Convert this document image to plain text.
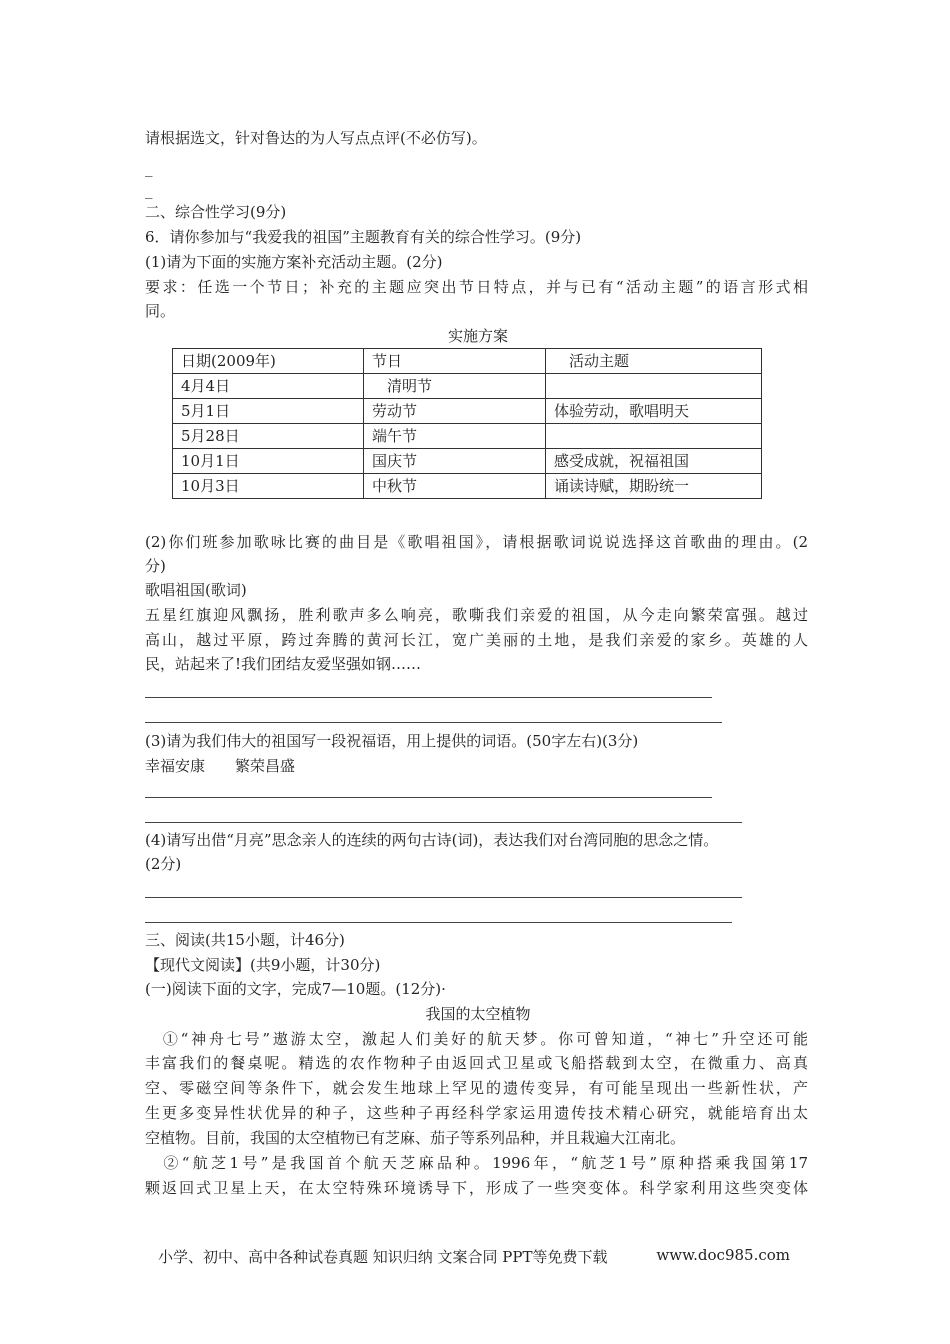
请根据选文，针对鲁达的为人写点点评(不必仿写)。
_
_
二、综合性学习(9分)
6．请你参加与“我爱我的祖国”主题教育有关的综合性学习。(9分)
(1)请为下面的实施方案补充活动主题。(2分)
要求：任选一个节日；补充的主题应突出节日特点，并与已有“活动主题”的语言形式相
同。
实施方案
日期(2009年)	节日	　活动主题
4月4日	　清明节	
5月1日	劳动节	体验劳动，歌唱明天
5月28日	端午节	
10月1日	国庆节	感受成就，祝福祖国
10月3日	中秋节	诵读诗赋，期盼统一
(2)你们班参加歌咏比赛的曲目是《歌唱祖国》，请根据歌词说说选择这首歌曲的理由。(2
分)
歌唱祖国(歌词)
五星红旗迎风飘扬，胜利歌声多么响亮，歌嘶我们亲爱的祖国，从今走向繁荣富强。越过
高山，越过平原，跨过奔腾的黄河长江，宽广美丽的土地，是我们亲爱的家乡。英雄的人
民，站起来了!我们团结友爱坚强如钢……
(3)请为我们伟大的祖国写一段祝福语，用上提供的词语。(50字左右)(3分)
幸福安康　　繁荣昌盛
(4)请写出借“月亮”思念亲人的连续的两句古诗(词)，表达我们对台湾同胞的思念之情。
(2分)
三、阅读(共15小题，计46分)
【现代文阅读】(共9小题，计30分)
(一)阅读下面的文字，完成7—10题。(12分)·
我国的太空植物
　①“神舟七号”遨游太空，激起人们美好的航天梦。你可曾知道，“神七”升空还可能
丰富我们的餐桌呢。精选的农作物种子由返回式卫星或飞船搭载到太空，在微重力、高真
空、零磁空间等条件下，就会发生地球上罕见的遗传变异，有可能呈现出一些新性状，产
生更多变异性状优异的种子，这些种子再经科学家运用遗传技术精心研究，就能培育出太
空植物。目前，我国的太空植物已有芝麻、茄子等系列品种，并且栽遍大江南北。
　②“航芝1号”是我国首个航天芝麻品种。1996年，“航芝1号”原种搭乘我国第17
颗返回式卫星上天，在太空特殊环境诱导下，形成了一些突变体。科学家利用这些突变体
小学、初中、高中各种试卷真题 知识归纳 文案合同 PPT等免费下载	www.doc985.com
